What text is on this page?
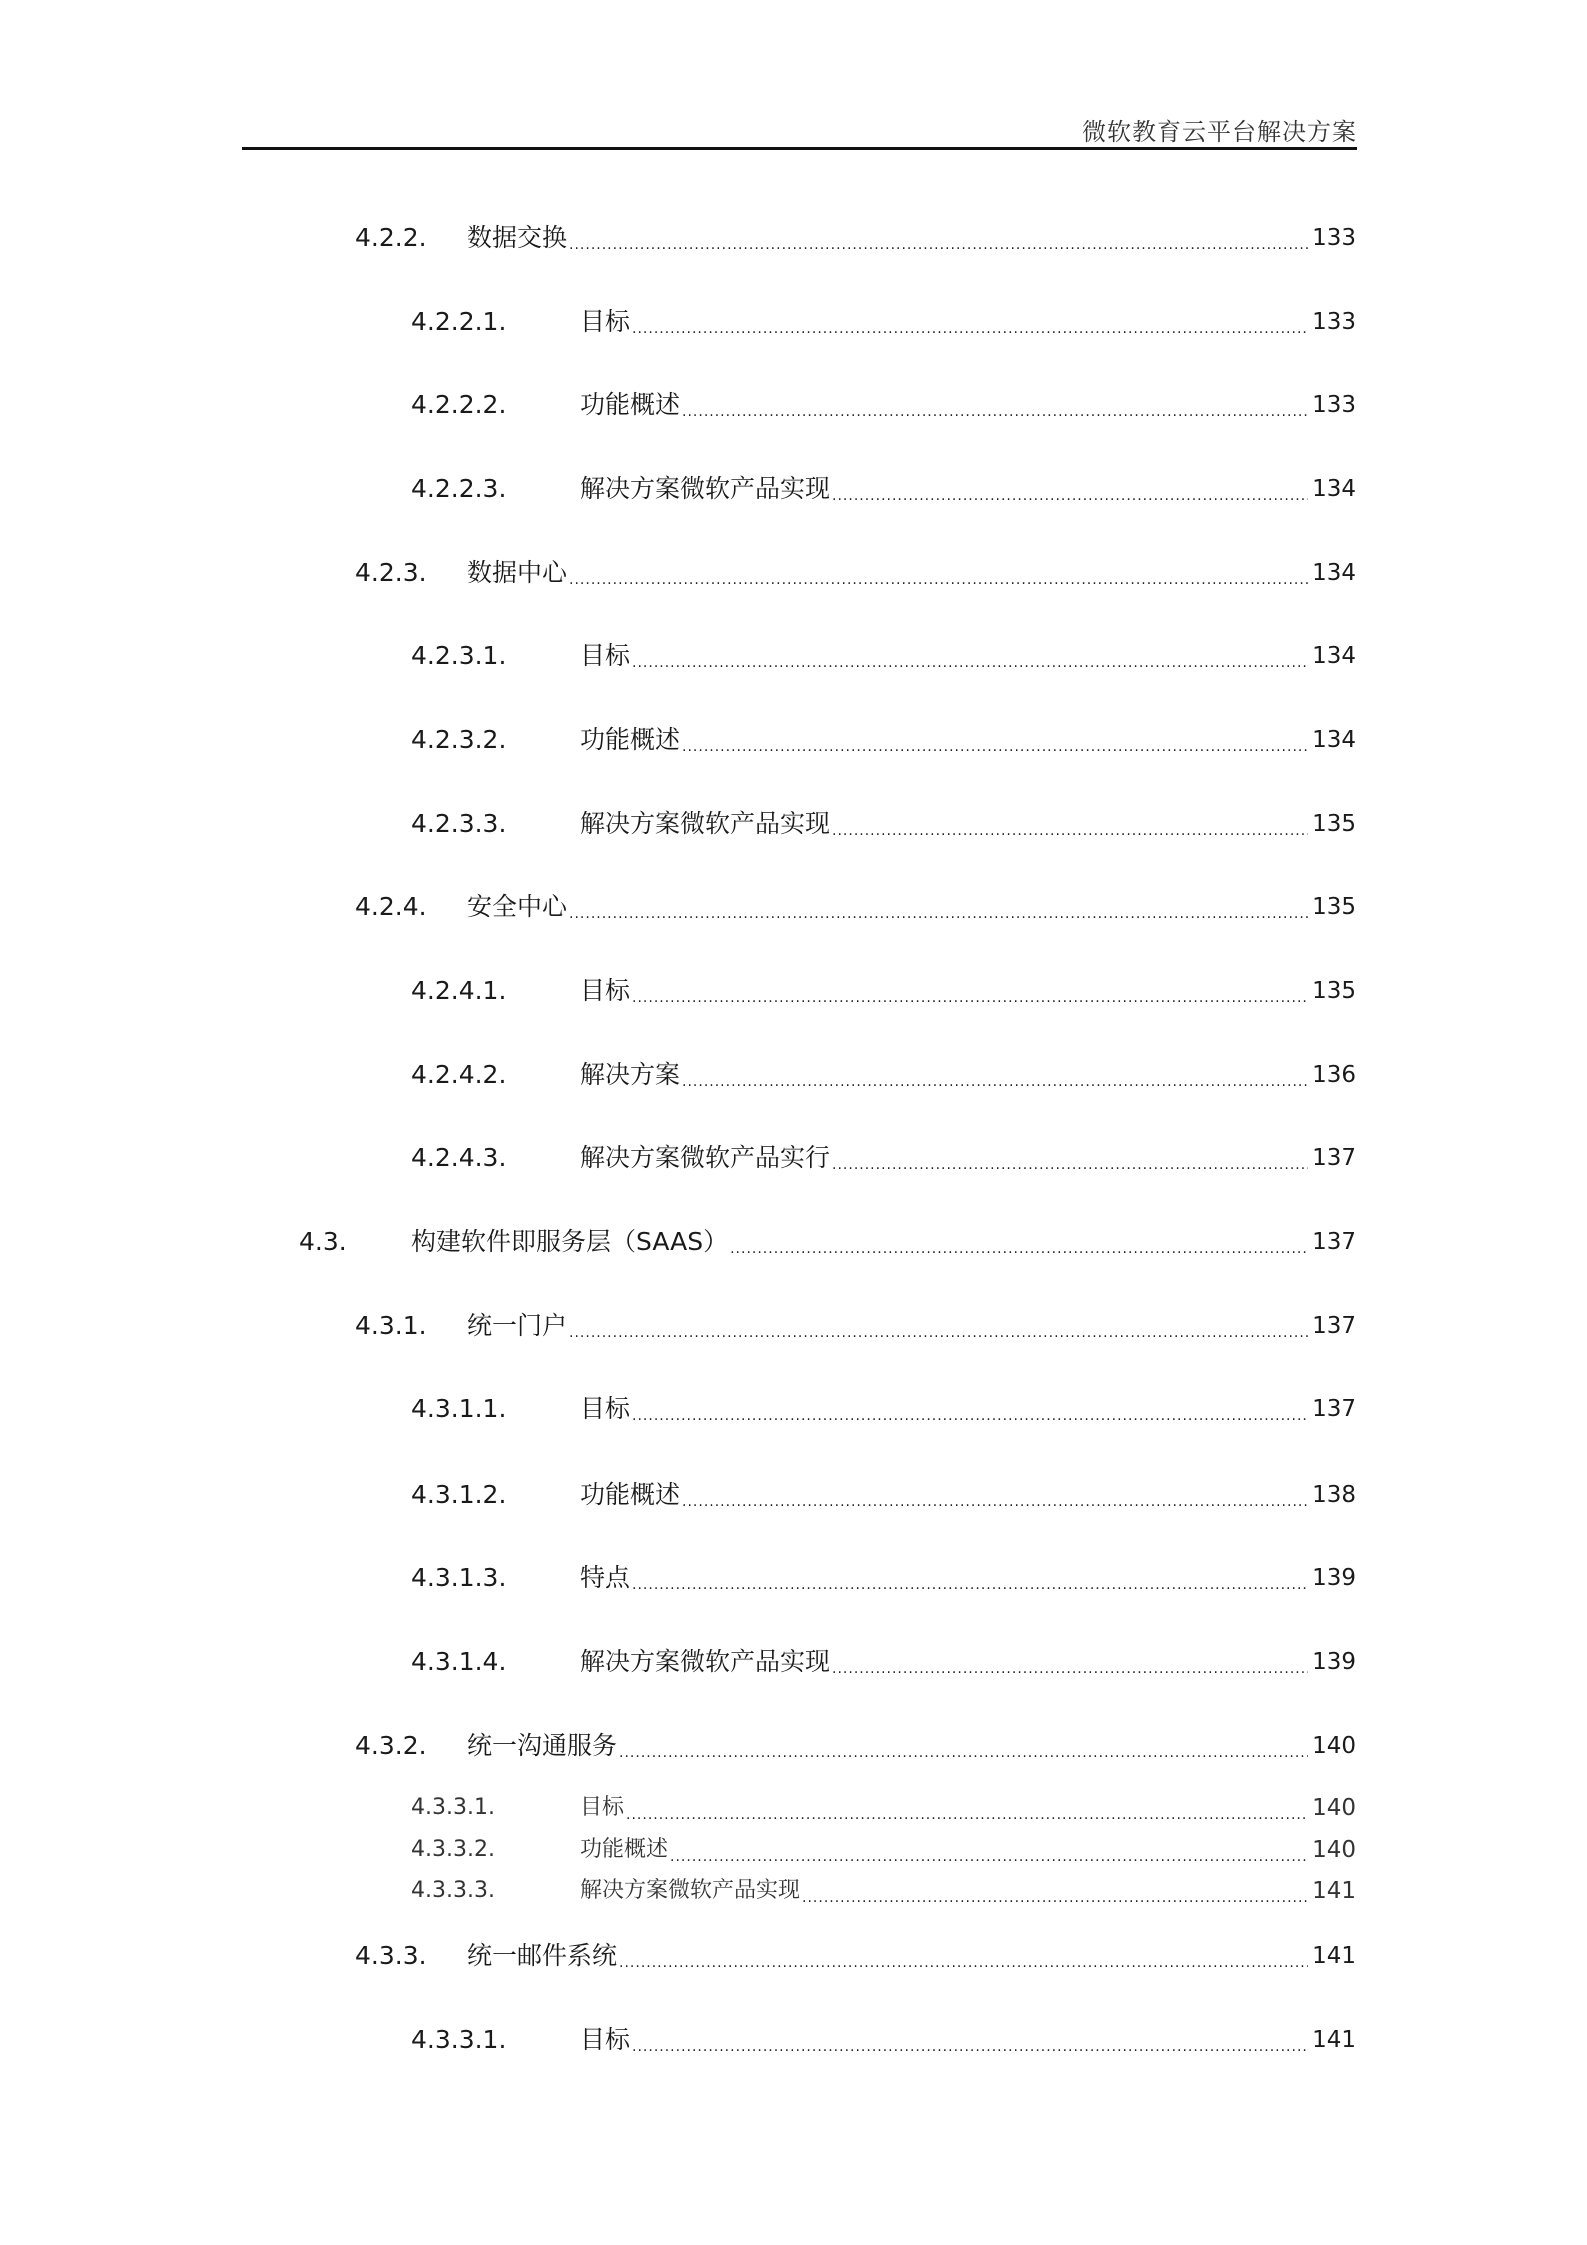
微软教育云平台解决方案
4.2.2. 数据交换 .....	133
4.2.2.1.	目标 .....	133
4.2.2.2.	功能概述 .....	133
4.2.2.3.	解决方案微软产品实现 .....	134
4.2.3. 数据中心 .....	134
4.2.3.1.	目标 .....	134
4.2.3.2.	功能概述 .....	134
4.2.3.3.	解决方案微软产品实现 .....	135
4.2.4. 安全中心 .....	135
4.2.4.1.	目标 .....	135
4.2.4.2.	解决方案 .....	136
4.2.4.3.	解决方案微软产品实行 .....	137
4.3.	构建软件即服务层（SAAS） .....	137
4.3.1. 统一门户 .....	137
4.3.1.1.	目标 .....	137
4.3.1.2.	功能概述 .....	138
4.3.1.3.	特点 .....	139
4.3.1.4.	解决方案微软产品实现 .....	139
4.3.2. 统一沟通服务 .....	140
4.3.3.1.	目标 .....	140
4.3.3.2.	功能概述 .....	140
4.3.3.3.	解决方案微软产品实现 .....	141
4.3.3. 统一邮件系统 .....	141
4.3.3.1.	目标 .....	141
